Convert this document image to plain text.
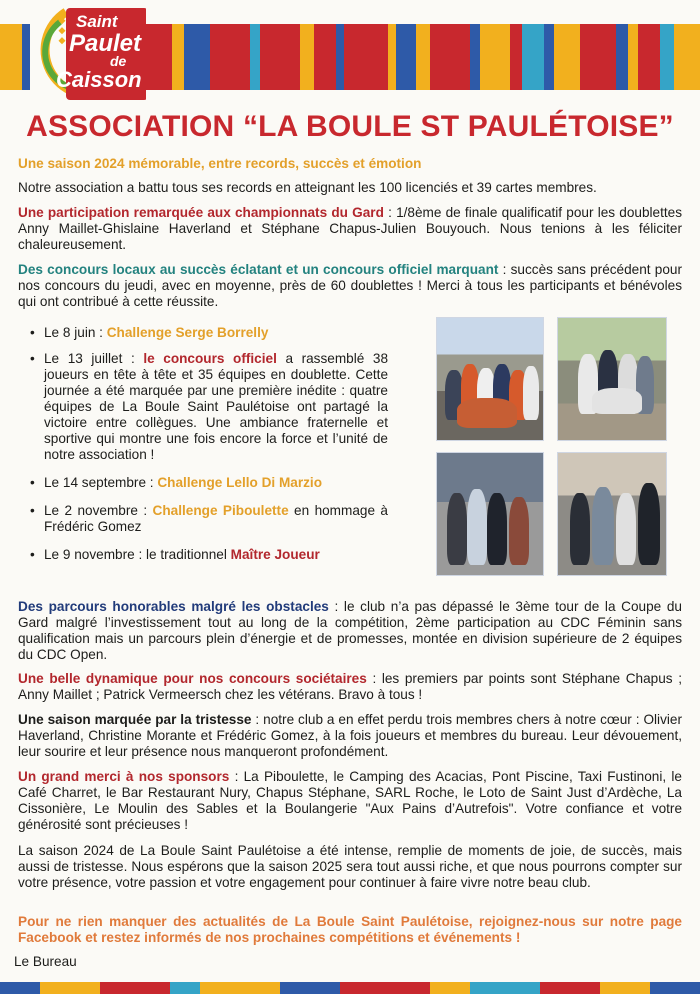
Saint
Paulet
de
Caisson
ASSOCIATION “LA BOULE ST PAULÉTOISE”

Une saison 2024 mémorable, entre records, succès et émotion

Notre association a battu tous ses records en atteignant les 100 licenciés et 39 cartes membres.

Une participation remarquée aux championnats du Gard : 1/8ème de finale qualificatif pour les doublettes Anny Maillet-Ghislaine Haverland et Stéphane Chapus-Julien Bouyouch. Nous tenions à les féliciter chaleureusement.

Des concours locaux au succès éclatant et un concours officiel marquant : succès sans précédent pour nos concours du jeudi, avec en moyenne, près de 60 doublettes ! Merci à tous les participants et bénévoles qui ont contribué à cette réussite.

• Le 8 juin : Challenge Serge Borrelly
• Le 13 juillet : le concours officiel a rassemblé 38 joueurs en tête à tête et 35 équipes en doublette. Cette journée a été marquée par une première inédite : quatre équipes de La Boule Saint Paulétoise ont partagé la victoire entre collègues. Une ambiance fraternelle et sportive qui montre une fois encore la force et l’unité de notre association !
• Le 14 septembre : Challenge Lello Di Marzio
• Le 2 novembre : Challenge Piboulette en hommage à Frédéric Gomez
• Le 9 novembre : le traditionnel Maître Joueur

Des parcours honorables malgré les obstacles : le club n’a pas dépassé le 3ème tour de la Coupe du Gard malgré l’investissement tout au long de la compétition, 2ème participation au CDC Féminin sans qualification mais un parcours plein d’énergie et de promesses, montée en division supérieure de 2 équipes du CDC Open.

Une belle dynamique pour nos concours sociétaires : les premiers par points sont Stéphane Chapus ; Anny Maillet ; Patrick Vermeersch chez les vétérans. Bravo à tous !

Une saison marquée par la tristesse : notre club a en effet perdu trois membres chers à notre cœur : Olivier Haverland, Christine Morante et Frédéric Gomez, à la fois joueurs et membres du bureau. Leur dévouement, leur sourire et leur présence nous manqueront profondément.

Un grand merci à nos sponsors : La Piboulette, le Camping des Acacias, Pont Piscine, Taxi Fustinoni, le Café Charret, le Bar Restaurant Nury, Chapus Stéphane, SARL Roche, le Loto de Saint Just d’Ardèche, La Cissonière, Le Moulin des Sables et la Boulangerie "Aux Pains d’Autrefois". Votre confiance et votre générosité sont précieuses !

La saison 2024 de La Boule Saint Paulétoise a été intense, remplie de moments de joie, de succès, mais aussi de tristesse. Nous espérons que la saison 2025 sera tout aussi riche, et que nous pourrons compter sur votre présence, votre passion et votre engagement pour continuer à faire vivre notre beau club.

Pour ne rien manquer des actualités de La Boule Saint Paulétoise, rejoignez-nous sur notre page Facebook et restez informés de nos prochaines compétitions et événements !

Le Bureau
